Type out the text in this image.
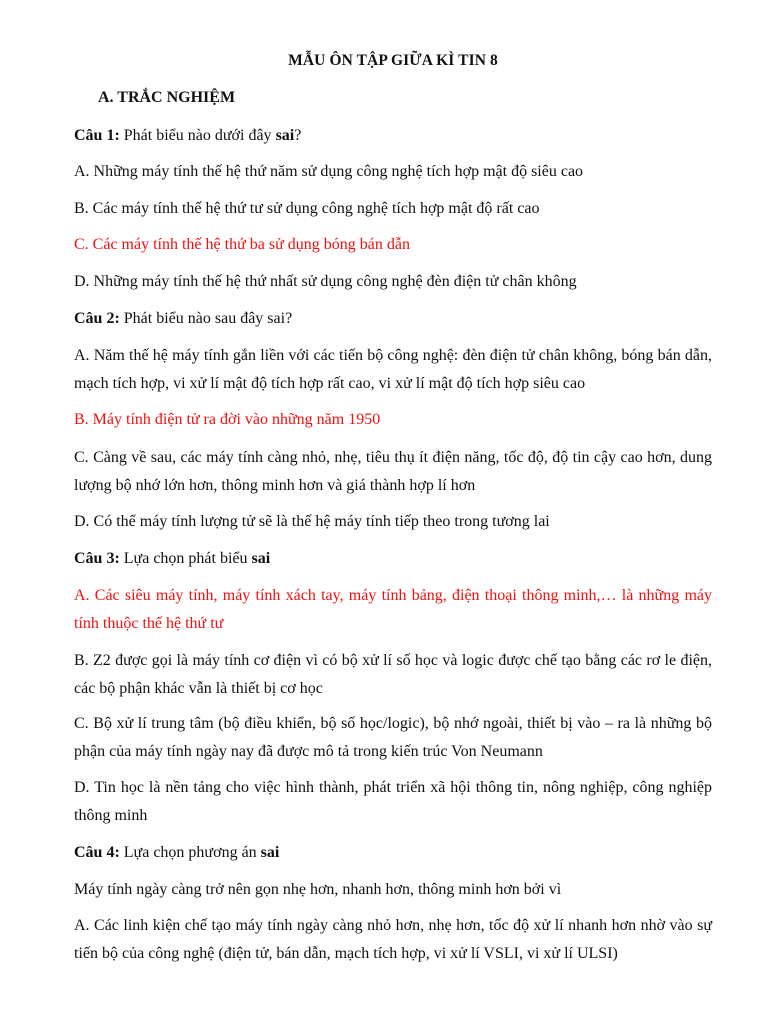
MẪU ÔN TẬP GIỮA KÌ TIN 8
A. TRẮC NGHIỆM
Câu 1: Phát biểu nào dưới đây sai?
A. Những máy tính thế hệ thứ năm sử dụng công nghệ tích hợp mật độ siêu cao
B. Các máy tính thế hệ thứ tư sử dụng công nghệ tích hợp mật độ rất cao
C. Các máy tính thế hệ thứ ba sử dụng bóng bán dẫn
D. Những máy tính thế hệ thứ nhất sử dụng công nghệ đèn điện tử chân không
Câu 2: Phát biểu nào sau đây sai?
A. Năm thế hệ máy tính gắn liền với các tiến bộ công nghệ: đèn điện tử chân không, bóng bán dẫn, mạch tích hợp, vi xử lí mật độ tích hợp rất cao, vi xử lí mật độ tích hợp siêu cao
B. Máy tính điện tử ra đời vào những năm 1950
C. Càng về sau, các máy tính càng nhỏ, nhẹ, tiêu thụ ít điện năng, tốc độ, độ tin cậy cao hơn, dung lượng bộ nhớ lớn hơn, thông minh hơn và giá thành hợp lí hơn
D. Có thể máy tính lượng tử sẽ là thế hệ máy tính tiếp theo trong tương lai
Câu 3: Lựa chọn phát biểu sai
A. Các siêu máy tính, máy tính xách tay, máy tính bảng, điện thoại thông minh,… là những máy tính thuộc thế hệ thứ tư
B. Z2 được gọi là máy tính cơ điện vì có bộ xử lí số học và logic được chế tạo bằng các rơ le điện, các bộ phận khác vẫn là thiết bị cơ học
C. Bộ xử lí trung tâm (bộ điều khiển, bộ số học/logic), bộ nhớ ngoài, thiết bị vào – ra là những bộ phận của máy tính ngày nay đã được mô tả trong kiến trúc Von Neumann
D. Tin học là nền tảng cho việc hình thành, phát triển xã hội thông tin, nông nghiệp, công nghiệp thông minh
Câu 4: Lựa chọn phương án sai
Máy tính ngày càng trở nên gọn nhẹ hơn, nhanh hơn, thông minh hơn bởi vì
A. Các linh kiện chế tạo máy tính ngày càng nhỏ hơn, nhẹ hơn, tốc độ xử lí nhanh hơn nhờ vào sự tiến bộ của công nghệ (điện tử, bán dẫn, mạch tích hợp, vi xử lí VSLI, vi xử lí ULSI)
